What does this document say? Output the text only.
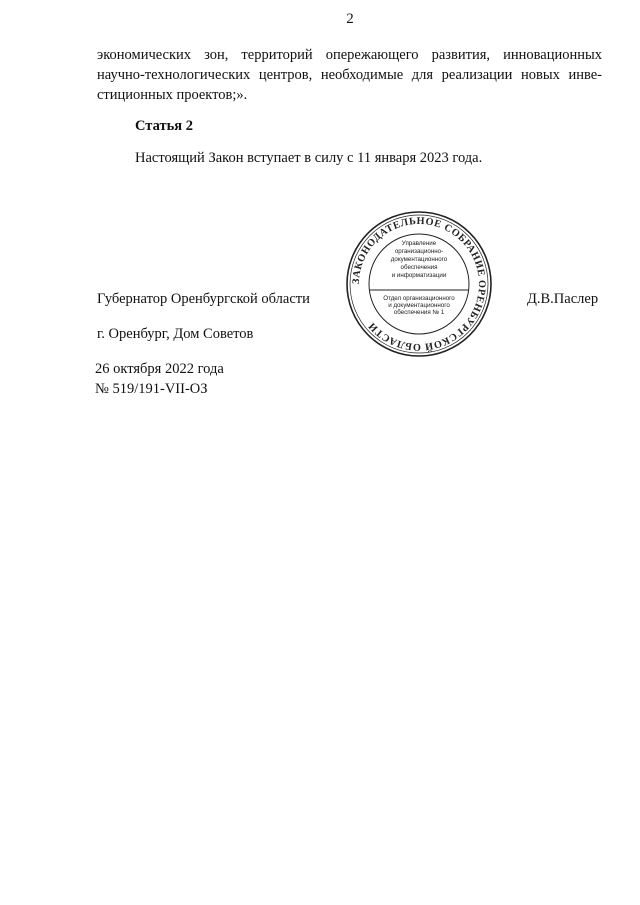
2
экономических зон, территорий опережающего развития, инновационных
научно-технологических центров, необходимые для реализации новых инве-
стиционных проектов;».
Статья 2
Настоящий Закон вступает в силу с 11 января 2023 года.
Губернатор Оренбургской области	Д.В.Паслер
г. Оренбург, Дом Советов
26 октября 2022 года
№ 519/191-VII-ОЗ
ЗАКОНОДАТЕЛЬНОЕ СОБРАНИЕ ОРЕНБУРГСКОЙ ОБЛАСТИ
Управление
организационно-
документационного
обеспечения
и информатизации
Отдел организационного
и документационного
обеспечения № 1
